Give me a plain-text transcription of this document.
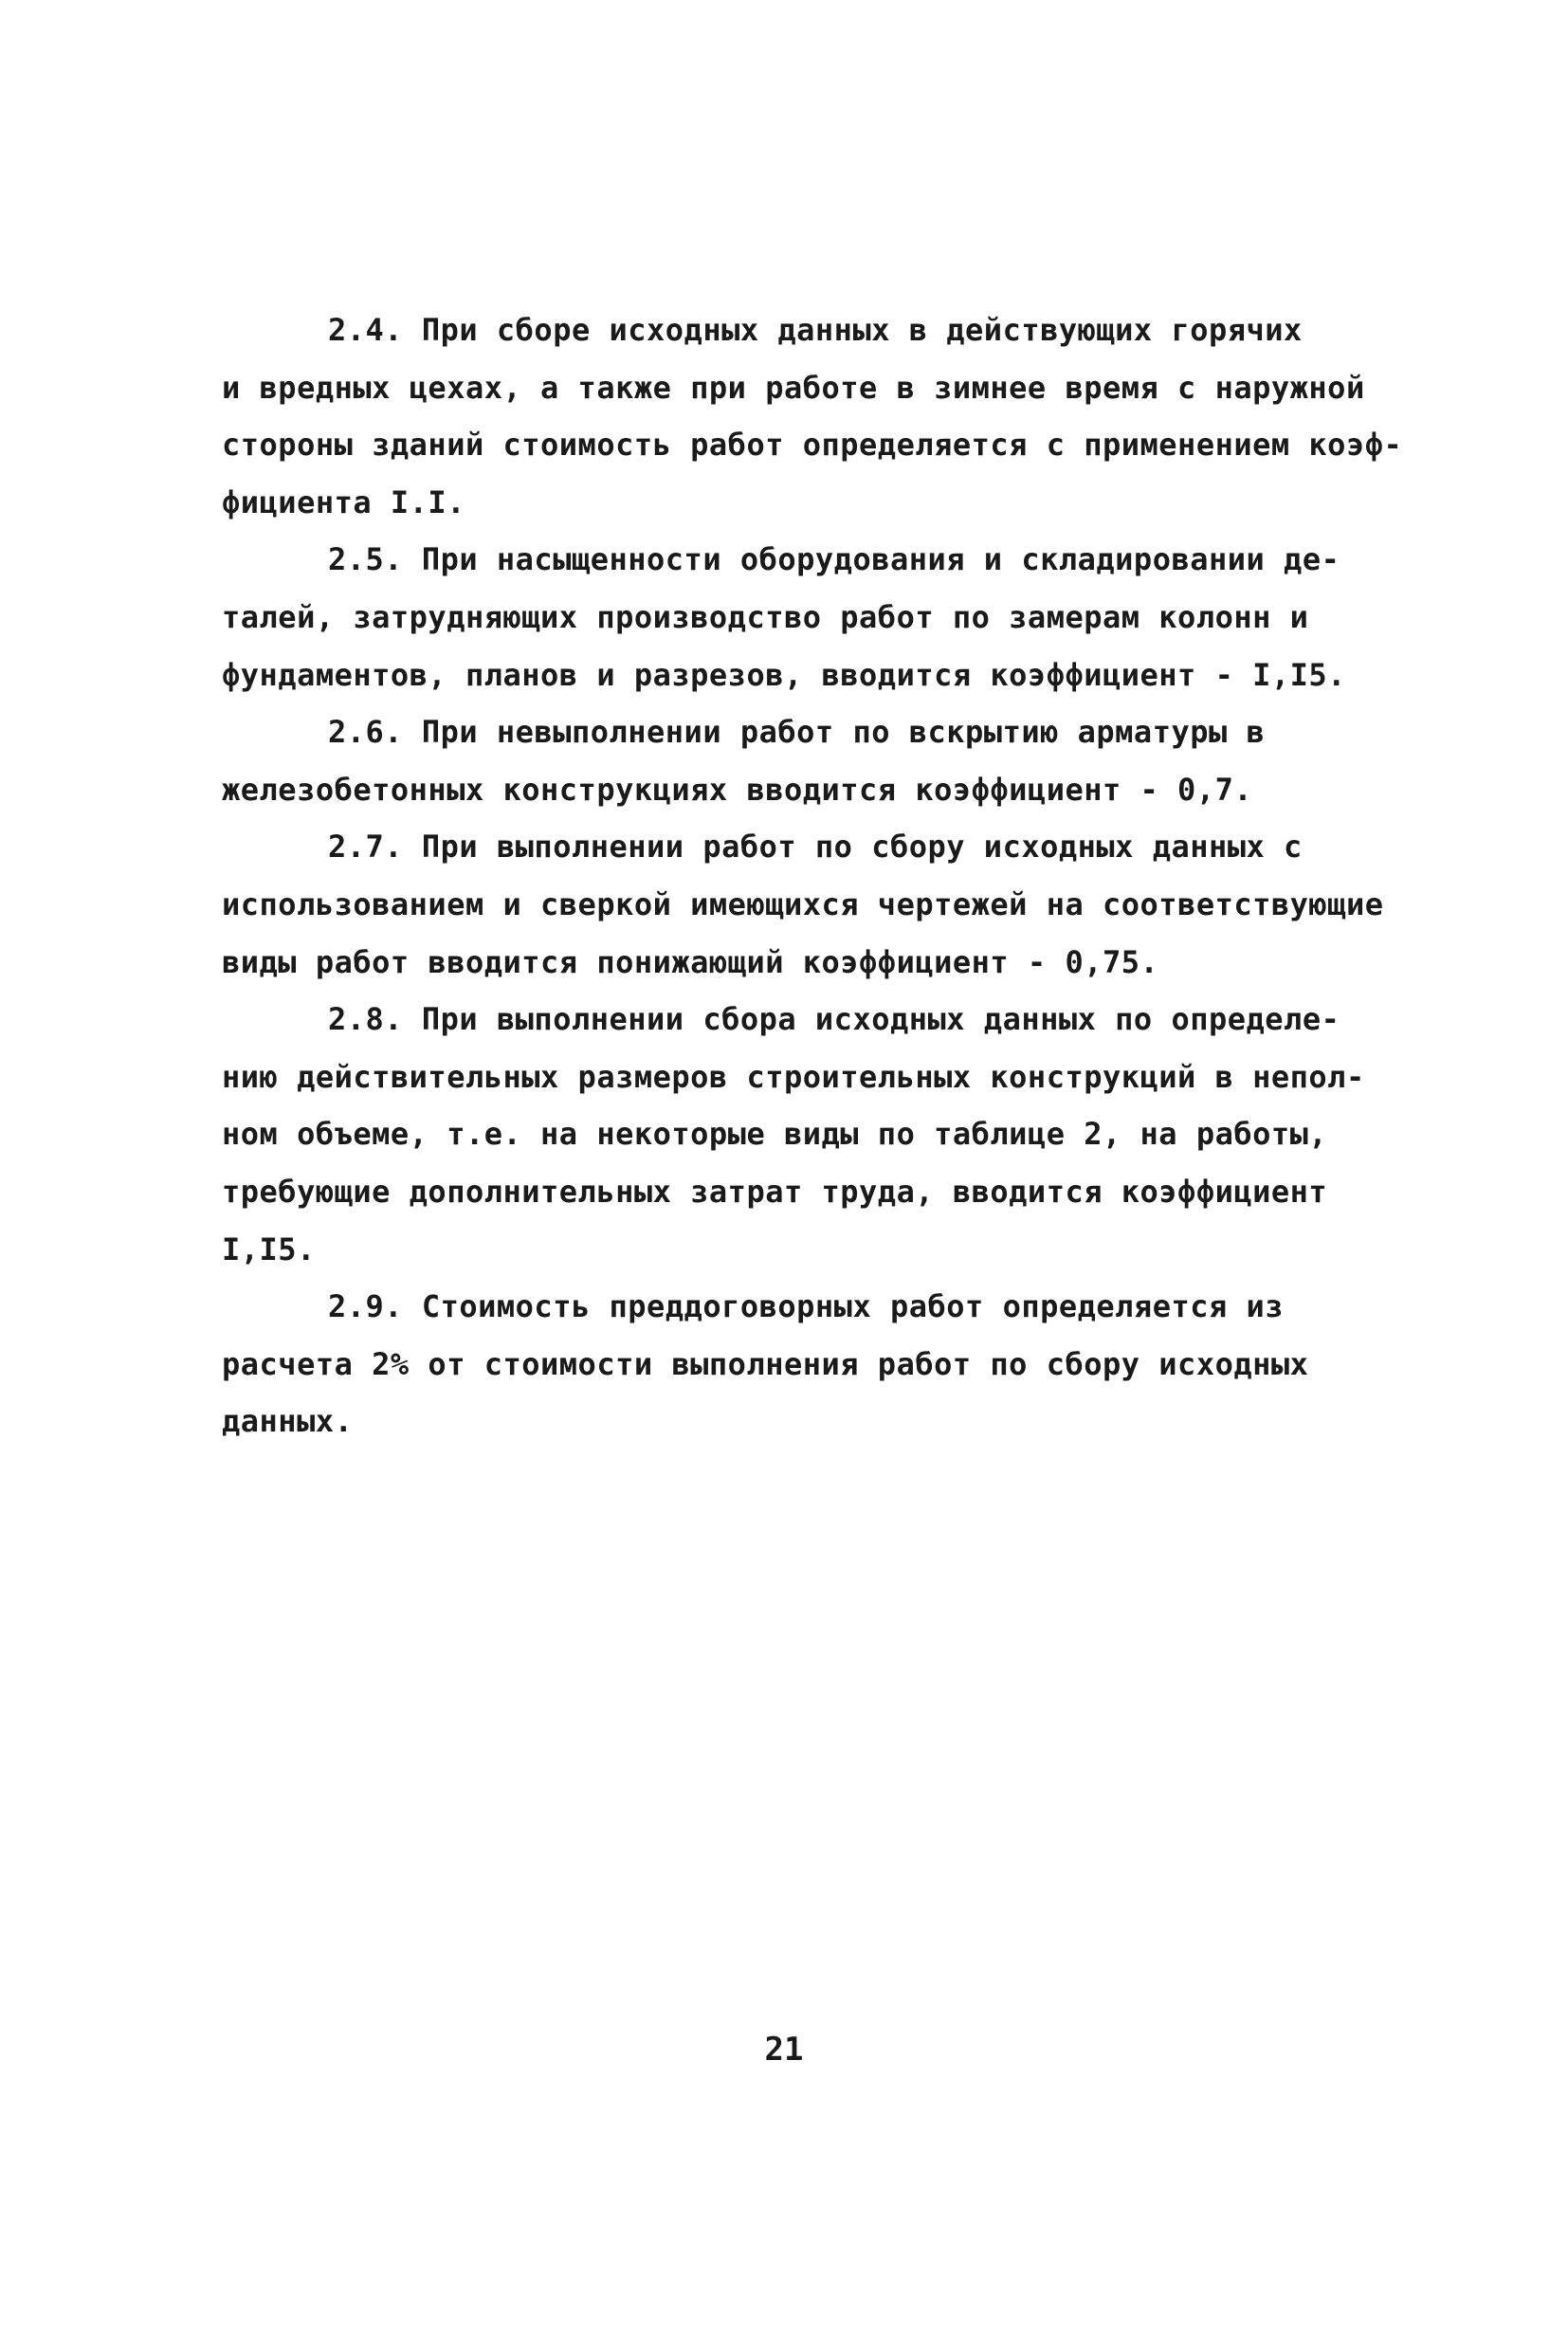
2.4. При сборе исходных данных в действующих горячих
и вредных цехах, а также при работе в зимнее время с наружной
стороны зданий стоимость работ определяется с применением коэф-
фициента I.I.
2.5. При насыщенности оборудования и складировании де-
талей, затрудняющих производство работ по замерам колонн и
фундаментов, планов и разрезов, вводится коэффициент - I,I5.
2.6. При невыполнении работ по вскрытию арматуры в
железобетонных конструкциях вводится коэффициент - 0,7.
2.7. При выполнении работ по сбору исходных данных с
использованием и сверкой имеющихся чертежей на соответствующие
виды работ вводится понижающий коэффициент - 0,75.
2.8. При выполнении сбора исходных данных по определе-
нию действительных размеров строительных конструкций в непол-
ном объеме, т.е. на некоторые виды по таблице 2, на работы,
требующие дополнительных затрат труда, вводится коэффициент
I,I5.
2.9. Стоимость преддоговорных работ определяется из
расчета 2% от стоимости выполнения работ по сбору исходных
данных.
21
